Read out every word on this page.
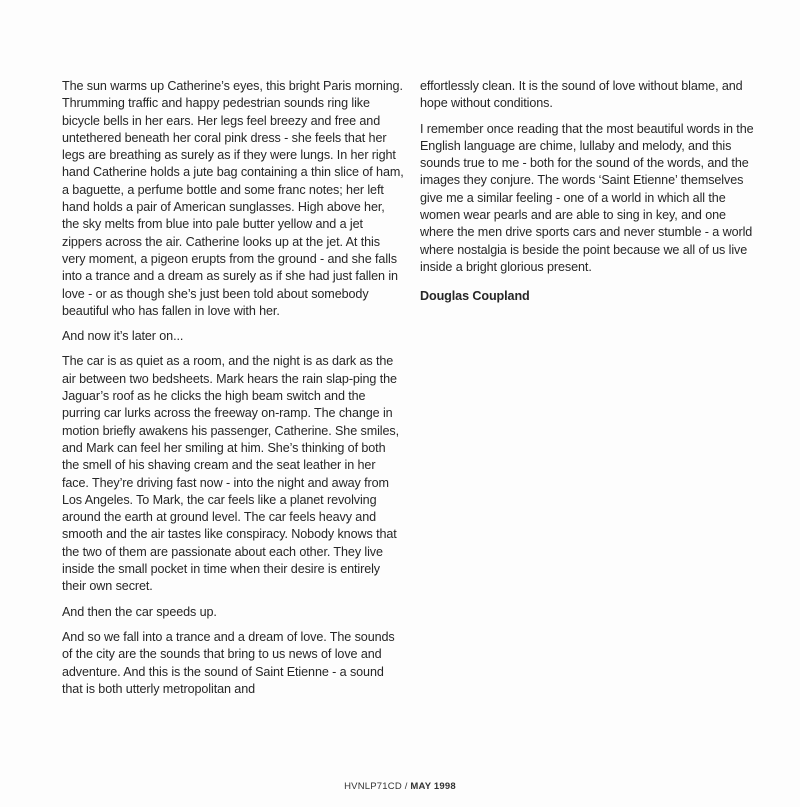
The sun warms up Catherine’s eyes, this bright Paris morning. Thrumming traffic and happy pedestrian sounds ring like bicycle bells in her ears. Her legs feel breezy and free and untethered beneath her coral pink dress - she feels that her legs are breathing as surely as if they were lungs. In her right hand Catherine holds a jute bag containing a thin slice of ham, a baguette, a perfume bottle and some franc notes; her left hand holds a pair of American sunglasses. High above her, the sky melts from blue into pale butter yellow and a jet zippers across the air. Catherine looks up at the jet. At this very moment, a pigeon erupts from the ground - and she falls into a trance and a dream as surely as if she had just fallen in love - or as though she’s just been told about somebody beautiful who has fallen in love with her.

And now it’s later on...

The car is as quiet as a room, and the night is as dark as the air between two bedsheets. Mark hears the rain slap-ping the Jaguar’s roof as he clicks the high beam switch and the purring car lurks across the freeway on-ramp. The change in motion briefly awakens his passenger, Catherine. She smiles, and Mark can feel her smiling at him. She’s thinking of both the smell of his shaving cream and the seat leather in her face. They’re driving fast now - into the night and away from Los Angeles. To Mark, the car feels like a planet revolving around the earth at ground level. The car feels heavy and smooth and the air tastes like conspiracy. Nobody knows that the two of them are passionate about each other. They live inside the small pocket in time when their desire is entirely their own secret.

And then the car speeds up.

And so we fall into a trance and a dream of love. The sounds of the city are the sounds that bring to us news of love and adventure. And this is the sound of Saint Etienne - a sound that is both utterly metropolitan and

effortlessly clean. It is the sound of love without blame, and hope without conditions.

I remember once reading that the most beautiful words in the English language are chime, lullaby and melody, and this sounds true to me - both for the sound of the words, and the images they conjure. The words ‘Saint Etienne’ themselves give me a similar feeling - one of a world in which all the women wear pearls and are able to sing in key, and one where the men drive sports cars and never stumble - a world where nostalgia is beside the point because we all of us live inside a bright glorious present.

Douglas Coupland

HVNLP71CD / MAY 1998
